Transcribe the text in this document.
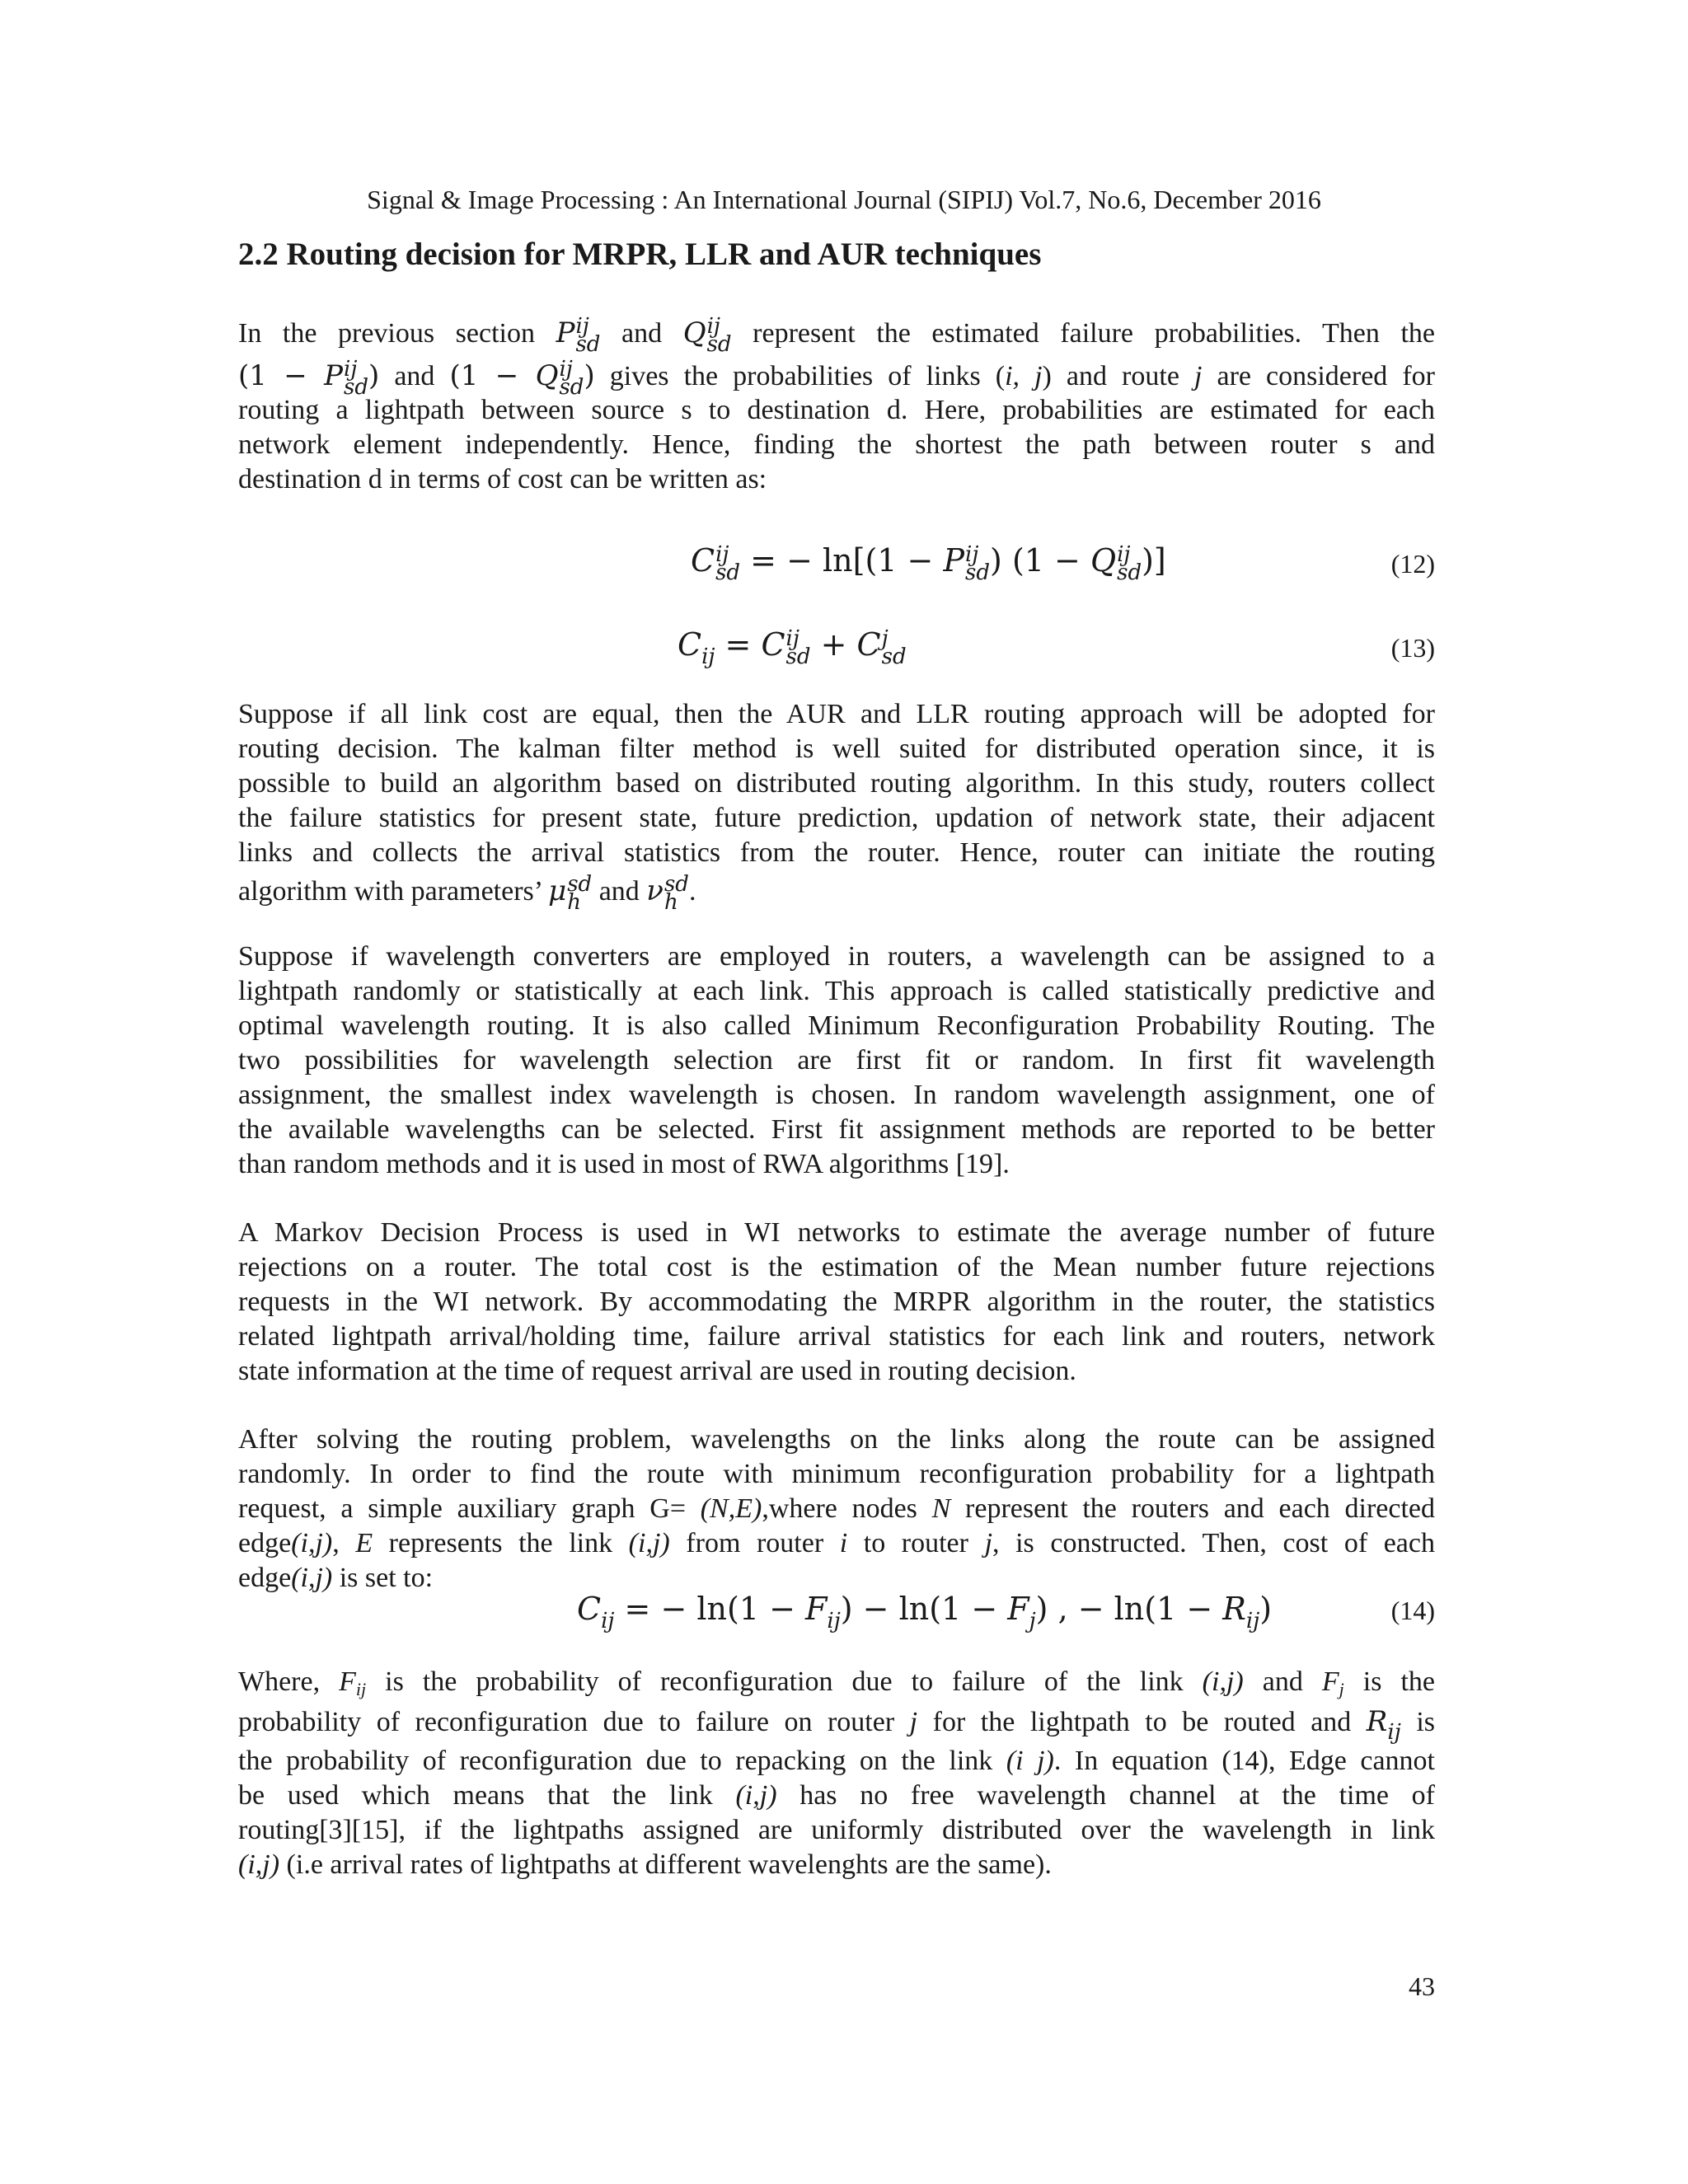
Signal & Image Processing : An International Journal (SIPIJ) Vol.7, No.6, December 2016
2.2 Routing decision for MRPR, LLR and AUR techniques
In the previous section P ij
sd and Q ij
sd represent the estimated failure probabilities. Then the
(1 − P ij
sd ) and (1 − Q ij
sd ) gives the probabilities of links (i, j) and route j are considered for
routing a lightpath between source s to destination d. Here, probabilities are estimated for each
network element independently. Hence, finding the shortest the path between router s and
destination d in terms of cost can be written as:
C ij
sd = − ln[(1 − P ij
sd ) (1 − Q ij
sd )]	(12)
$C_{ij} = C$ ij
sd + C j
sd	(13)
Suppose if all link cost are equal, then the AUR and LLR routing approach will be adopted for
routing decision. The kalman filter method is well suited for distributed operation since, it is
possible to build an algorithm based on distributed routing algorithm. In this study, routers collect
the failure statistics for present state, future prediction, updation of network state, their adjacent
links and collects the arrival statistics from the router. Hence, router can initiate the routing
algorithm with parameters’ μ sd
h and ν sd
h .
Suppose if wavelength converters are employed in routers, a wavelength can be assigned to a
lightpath randomly or statistically at each link. This approach is called statistically predictive and
optimal wavelength routing. It is also called Minimum Reconfiguration Probability Routing. The
two possibilities for wavelength selection are first fit or random. In first fit wavelength
assignment, the smallest index wavelength is chosen. In random wavelength assignment, one of
the available wavelengths can be selected. First fit assignment methods are reported to be better
than random methods and it is used in most of RWA algorithms [19].
A Markov Decision Process is used in WI networks to estimate the average number of future
rejections on a router. The total cost is the estimation of the Mean number future rejections
requests in the WI network. By accommodating the MRPR algorithm in the router, the statistics
related lightpath arrival/holding time, failure arrival statistics for each link and routers, network
state information at the time of request arrival are used in routing decision.
After solving the routing problem, wavelengths on the links along the route can be assigned
randomly. In order to find the route with minimum reconfiguration probability for a lightpath
request, a simple auxiliary graph G= (N,E),where nodes N represent the routers and each directed
edge(i,j), E represents the link (i,j) from router i to router j, is constructed. Then, cost of each
edge(i,j) is set to:
$C_{ij}$ = − $\ln(1 - F_{ij}) - \ln(1 - F_j)$ , − $\ln(1 - R_{ij})$	(14)
Where, Fij is the probability of reconfiguration due to failure of the link (i,j) and Fj is the
probability of reconfiguration due to failure on router j for the lightpath to be routed and $R_{ij}$ is
the probability of reconfiguration due to repacking on the link (i j). In equation (14), Edge cannot
be used which means that the link (i,j) has no free wavelength channel at the time of
routing[3][15], if the lightpaths assigned are uniformly distributed over the wavelength in link
(i,j) (i.e arrival rates of lightpaths at different wavelenghts are the same).
43
